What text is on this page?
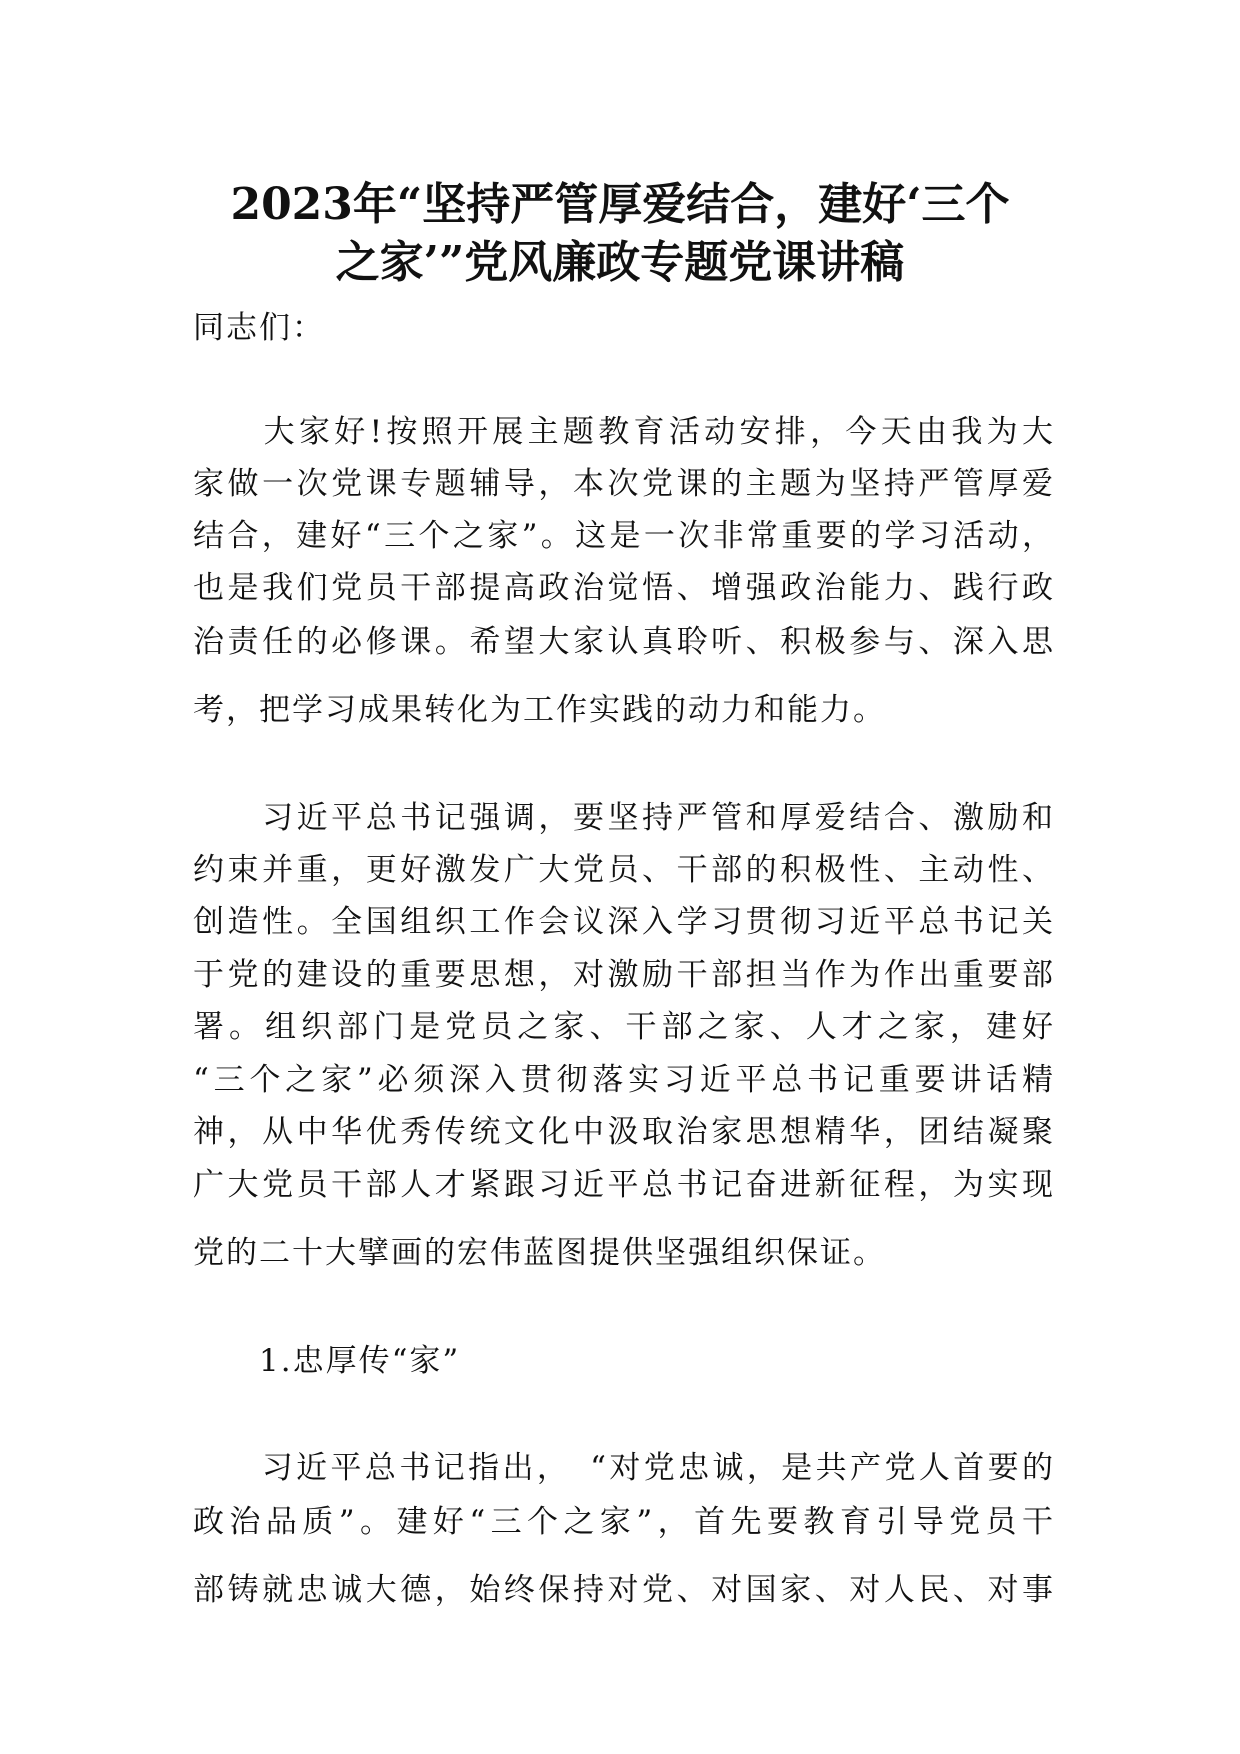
2023年“坚持严管厚爱结合，建好‘三个
之家’”党风廉政专题党课讲稿

同志们：

　　大家好!按照开展主题教育活动安排，今天由我为大

家做一次党课专题辅导，本次党课的主题为坚持严管厚爱

结合，建好“三个之家”。这是一次非常重要的学习活动，

也是我们党员干部提高政治觉悟、增强政治能力、践行政

治责任的必修课。希望大家认真聆听、积极参与、深入思

考，把学习成果转化为工作实践的动力和能力。

　　习近平总书记强调，要坚持严管和厚爱结合、激励和

约束并重，更好激发广大党员、干部的积极性、主动性、

创造性。全国组织工作会议深入学习贯彻习近平总书记关

于党的建设的重要思想，对激励干部担当作为作出重要部

署。组织部门是党员之家、干部之家、人才之家，建好

“三个之家”必须深入贯彻落实习近平总书记重要讲话精

神，从中华优秀传统文化中汲取治家思想精华，团结凝聚

广大党员干部人才紧跟习近平总书记奋进新征程，为实现

党的二十大擘画的宏伟蓝图提供坚强组织保证。

　　1.忠厚传“家”

　　习近平总书记指出，　“对党忠诚，是共产党人首要的

政治品质”。建好“三个之家”，首先要教育引导党员干

部铸就忠诚大德，始终保持对党、对国家、对人民、对事
